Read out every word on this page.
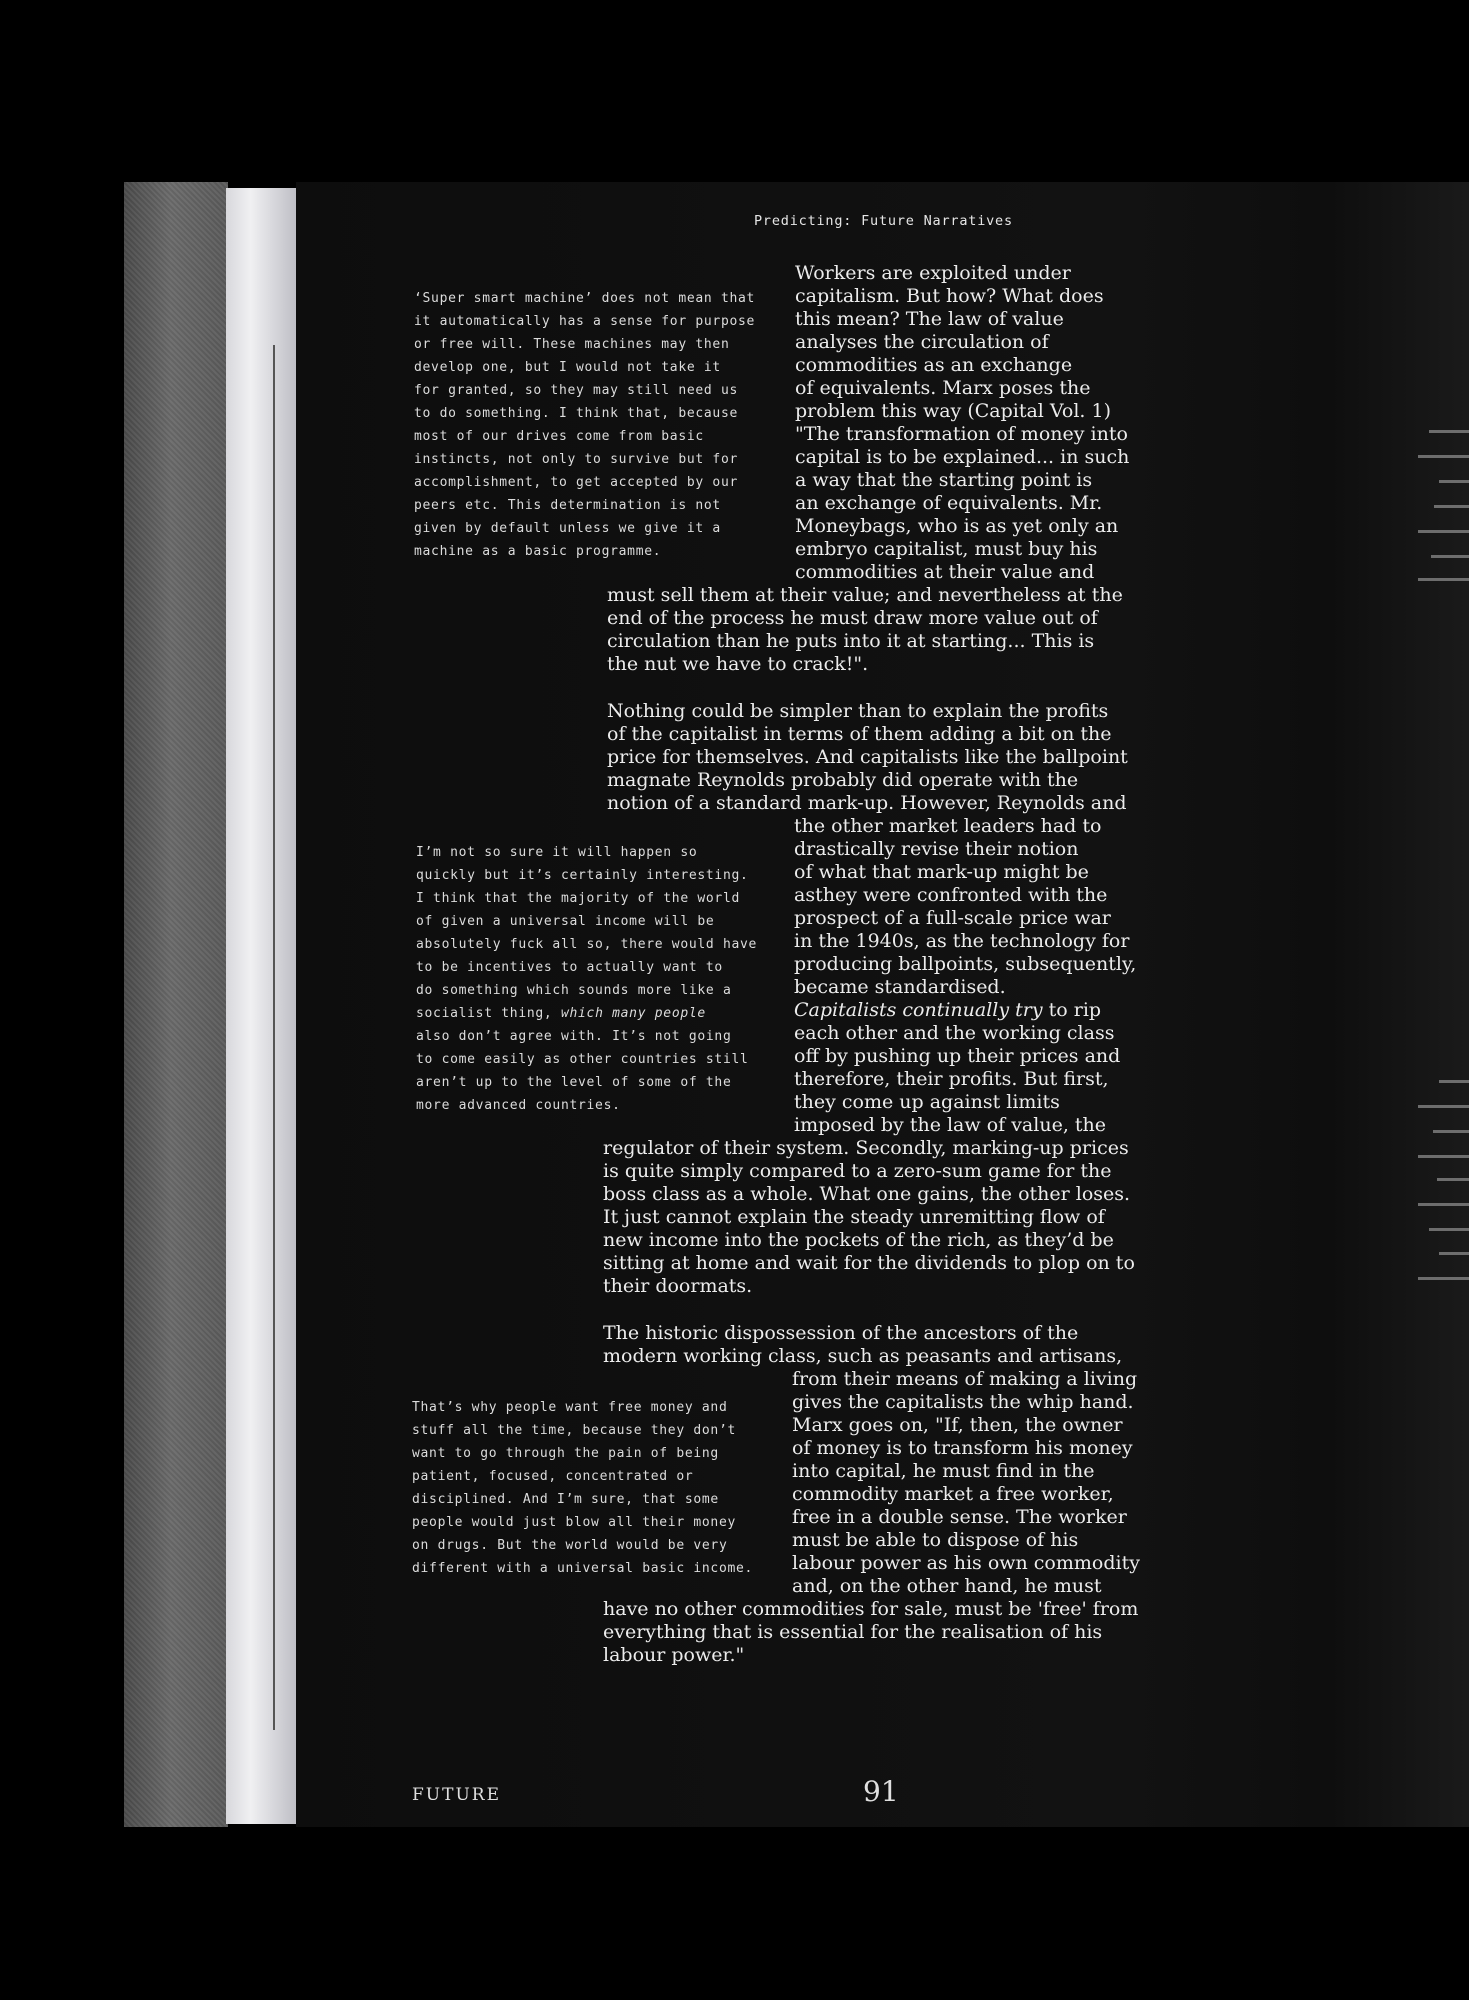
Predicting: Future Narratives
Workers are exploited under
capitalism. But how? What does
this mean? The law of value
analyses the circulation of
commodities as an exchange
of equivalents. Marx poses the
problem this way (Capital Vol. 1)
"The transformation of money into
capital is to be explained... in such
a way that the starting point is
an exchange of equivalents. Mr.
Moneybags, who is as yet only an
embryo capitalist, must buy his
commodities at their value and
must sell them at their value; and nevertheless at the
end of the process he must draw more value out of
circulation than he puts into it at starting... This is
the nut we have to crack!".
Nothing could be simpler than to explain the profits
of the capitalist in terms of them adding a bit on the
price for themselves. And capitalists like the ballpoint
magnate Reynolds probably did operate with the
notion of a standard mark-up. However, Reynolds and
the other market leaders had to
drastically revise their notion
of what that mark-up might be
asthey were confronted with the
prospect of a full-scale price war
in the 1940s, as the technology for
producing ballpoints, subsequently,
became standardised.
Capitalists continually try to rip
each other and the working class
off by pushing up their prices and
therefore, their profits. But first,
they come up against limits
imposed by the law of value, the
regulator of their system. Secondly, marking-up prices
is quite simply compared to a zero-sum game for the
boss class as a whole. What one gains, the other loses.
It just cannot explain the steady unremitting flow of
new income into the pockets of the rich, as they’d be
sitting at home and wait for the dividends to plop on to
their doormats.
The historic dispossession of the ancestors of the
modern working class, such as peasants and artisans,
from their means of making a living
gives the capitalists the whip hand.
Marx goes on, "If, then, the owner
of money is to transform his money
into capital, he must find in the
commodity market a free worker,
free in a double sense. The worker
must be able to dispose of his
labour power as his own commodity
and, on the other hand, he must
have no other commodities for sale, must be 'free' from
everything that is essential for the realisation of his
labour power."
‘Super smart machine’ does not mean that
it automatically has a sense for purpose
or free will. These machines may then
develop one, but I would not take it
for granted, so they may still need us
to do something. I think that, because
most of our drives come from basic
instincts, not only to survive but for
accomplishment, to get accepted by our
peers etc. This determination is not
given by default unless we give it a
machine as a basic programme.
I’m not so sure it will happen so
quickly but it’s certainly interesting.
I think that the majority of the world
of given a universal income will be
absolutely fuck all so, there would have
to be incentives to actually want to
do something which sounds more like a
socialist thing, which many people
also don’t agree with. It’s not going
to come easily as other countries still
aren’t up to the level of some of the
more advanced countries.
That’s why people want free money and
stuff all the time, because they don’t
want to go through the pain of being
patient, focused, concentrated or
disciplined. And I’m sure, that some
people would just blow all their money
on drugs. But the world would be very
different with a universal basic income.
FUTURE	91
